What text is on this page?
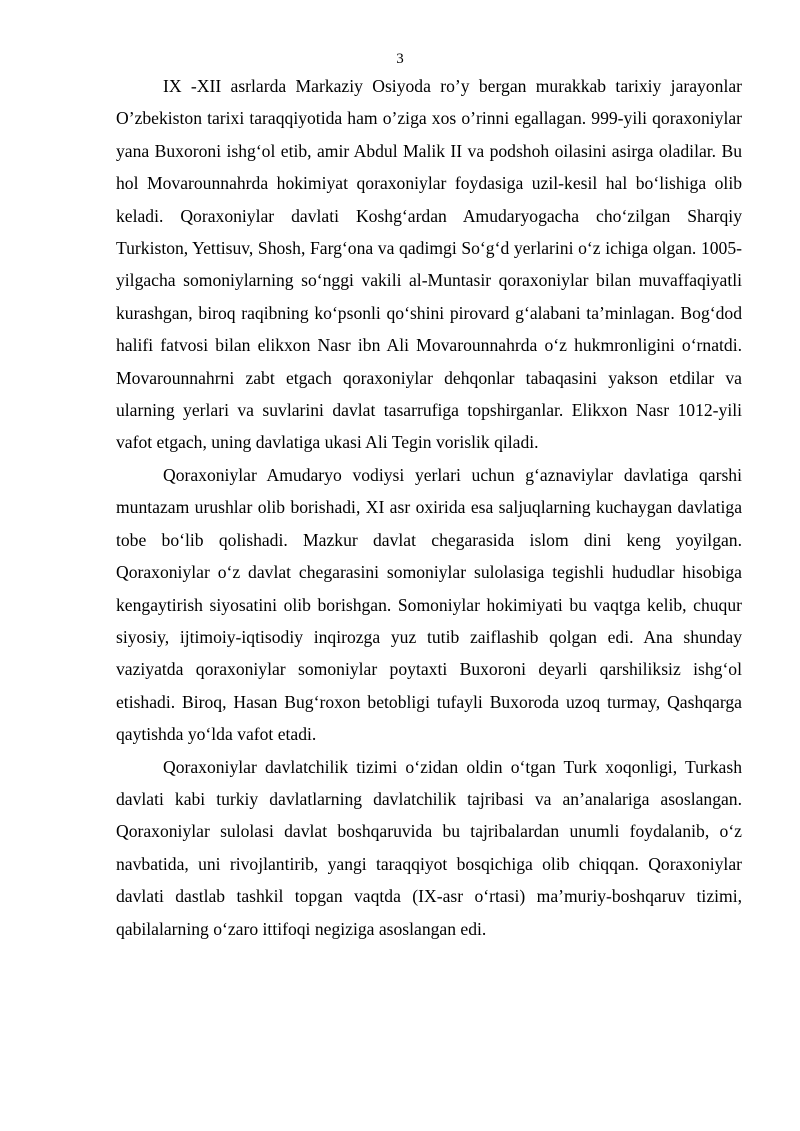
3

IX -XII asrlarda Markaziy Osiyoda ro’y bergan murakkab tarixiy jarayonlar O’zbekiston tarixi taraqqiyotida ham o’ziga xos o’rinni egallagan. 999-yili qoraxoniylar yana Buxoroni ishg‘ol etib, amir Abdul Malik II va podshoh oilasini asirga oladilar. Bu hol Movarounnahrda hokimiyat qoraxoniylar foydasiga uzil-kesil hal bo‘lishiga olib keladi. Qoraxoniylar davlati Koshg‘ardan Amudaryogacha cho‘zilgan Sharqiy Turkiston, Yettisuv, Shosh, Farg‘ona va qadimgi So‘g‘d yerlarini o‘z ichiga olgan. 1005-yilgacha somoniylarning so‘nggi vakili al-Muntasir qoraxoniylar bilan muvaffaqiyatli kurashgan, biroq raqibning ko‘psonli qo‘shini pirovard g‘alabani ta’minlagan. Bog‘dod halifi fatvosi bilan elikxon Nasr ibn Ali Movarounnahrda o‘z hukmronligini o‘rnatdi. Movarounnahrni zabt etgach qoraxoniylar dehqonlar tabaqasini yakson etdilar va ularning yerlari va suvlarini davlat tasarrufiga topshirganlar. Elikxon Nasr 1012-yili vafot etgach, uning davlatiga ukasi Ali Tegin vorislik qiladi.

Qoraxoniylar Amudaryo vodiysi yerlari uchun g‘aznaviylar davlatiga qarshi muntazam urushlar olib borishadi, XI asr oxirida esa saljuqlarning kuchaygan davlatiga tobe bo‘lib qolishadi. Mazkur davlat chegarasida islom dini keng yoyilgan. Qoraxoniylar o‘z davlat chegarasini somoniylar sulolasiga tegishli hududlar hisobiga kengaytirish siyosatini olib borishgan. Somoniylar hokimiyati bu vaqtga kelib, chuqur siyosiy, ijtimoiy-iqtisodiy inqirozga yuz tutib zaiflashib qolgan edi. Ana shunday vaziyatda qoraxoniylar somoniylar poytaxti Buxoroni deyarli qarshiliksiz ishg‘ol etishadi. Biroq, Hasan Bug‘roxon betobligi tufayli Buxoroda uzoq turmay, Qashqarga qaytishda yo‘lda vafot etadi.

Qoraxoniylar davlatchilik tizimi o‘zidan oldin o‘tgan Turk xoqonligi, Turkash davlati kabi turkiy davlatlarning davlatchilik tajribasi va an’analariga asoslangan. Qoraxoniylar sulolasi davlat boshqaruvida bu tajribalardan unumli foydalanib, o‘z navbatida, uni rivojlantirib, yangi taraqqiyot bosqichiga olib chiqqan. Qoraxoniylar davlati dastlab tashkil topgan vaqtda (IX-asr o‘rtasi) ma’muriy-boshqaruv tizimi, qabilalarning o‘zaro ittifoqi negiziga asoslangan edi.
